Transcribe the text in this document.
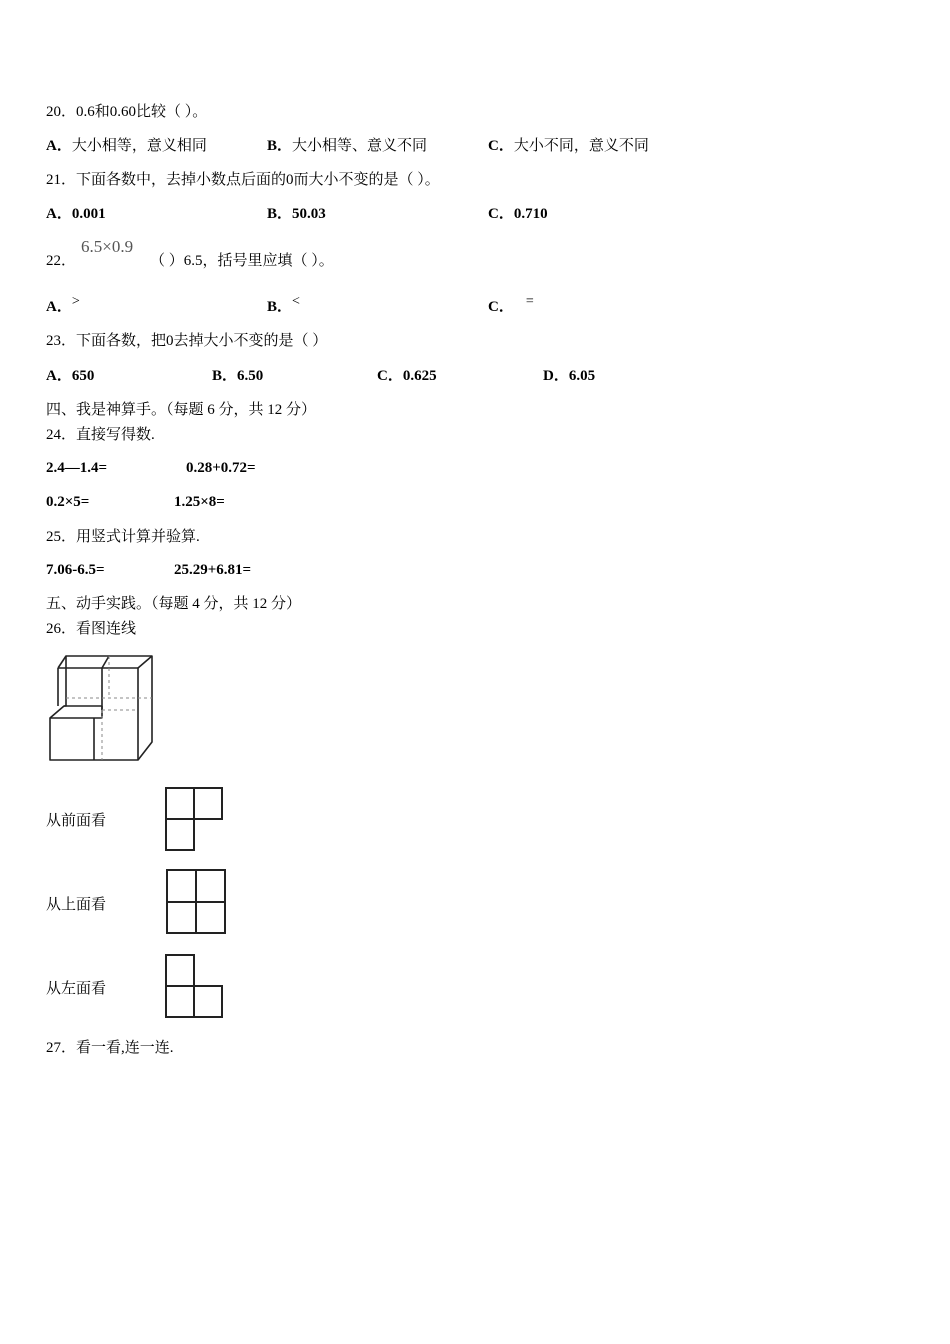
20．0.6和0.60比较（ ）。
A．大小相等，意义相同	B．大小相等、意义不同	C．大小不同，意义不同
21．下面各数中，去掉小数点后面的0而大小不变的是（ ）。
A．0.001	B．50.03	C．0.710
22．
6.5×0.9
（ ）6.5，括号里应填（ ）。
A．>	B．<	C． =
23．下面各数，把0去掉大小不变的是（ ）
A．650	B．6.50	C．0.625	D．6.05
四、我是神算手。（每题 6 分，共 12 分）
24．直接写得数.
2.4—1.4=	0.28+0.72=
0.2×5=	1.25×8=
25．用竖式计算并验算.
7.06-6.5=	25.29+6.81=
五、动手实践。（每题 4 分，共 12 分）
26．看图连线
从前面看
从上面看
从左面看
27．看一看,连一连.
